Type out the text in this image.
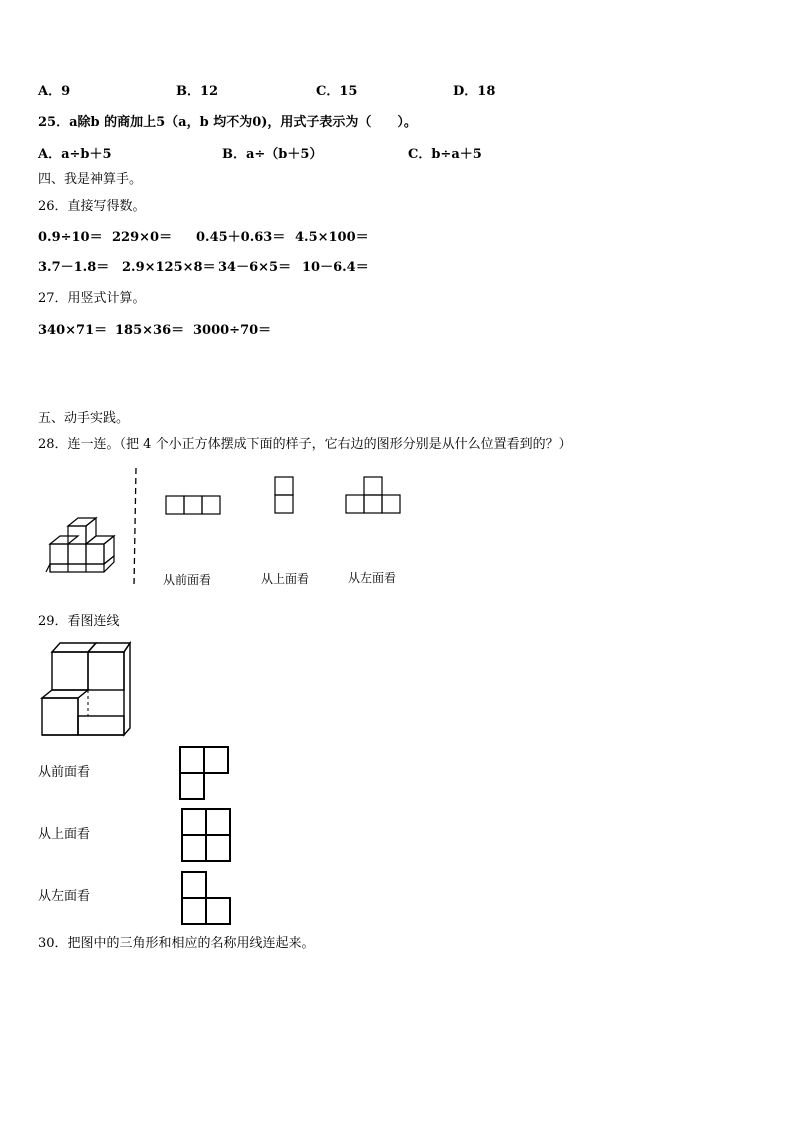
A．9	B．12	C．15	D．18
25．a除b 的商加上5（a，b 均不为0)，用式子表示为（　　）。
A．a÷b＋5	B．a÷（b＋5）	C．b÷a＋5
四、我是神算手。
26．直接写得数。
0.9÷10＝ 229×0＝ 0.45＋0.63＝ 4.5×100＝
3.7－1.8＝ 2.9×125×8＝ 34－6×5＝ 10－6.4＝
27．用竖式计算。
340×71＝ 185×36＝ 3000÷70＝
五、动手实践。
28．连一连。（把 4 个小正方体摆成下面的样子，它右边的图形分别是从什么位置看到的？）
从前面看	从上面看	从左面看
29．看图连线
从前面看
从上面看
从左面看
30．把图中的三角形和相应的名称用线连起来。
